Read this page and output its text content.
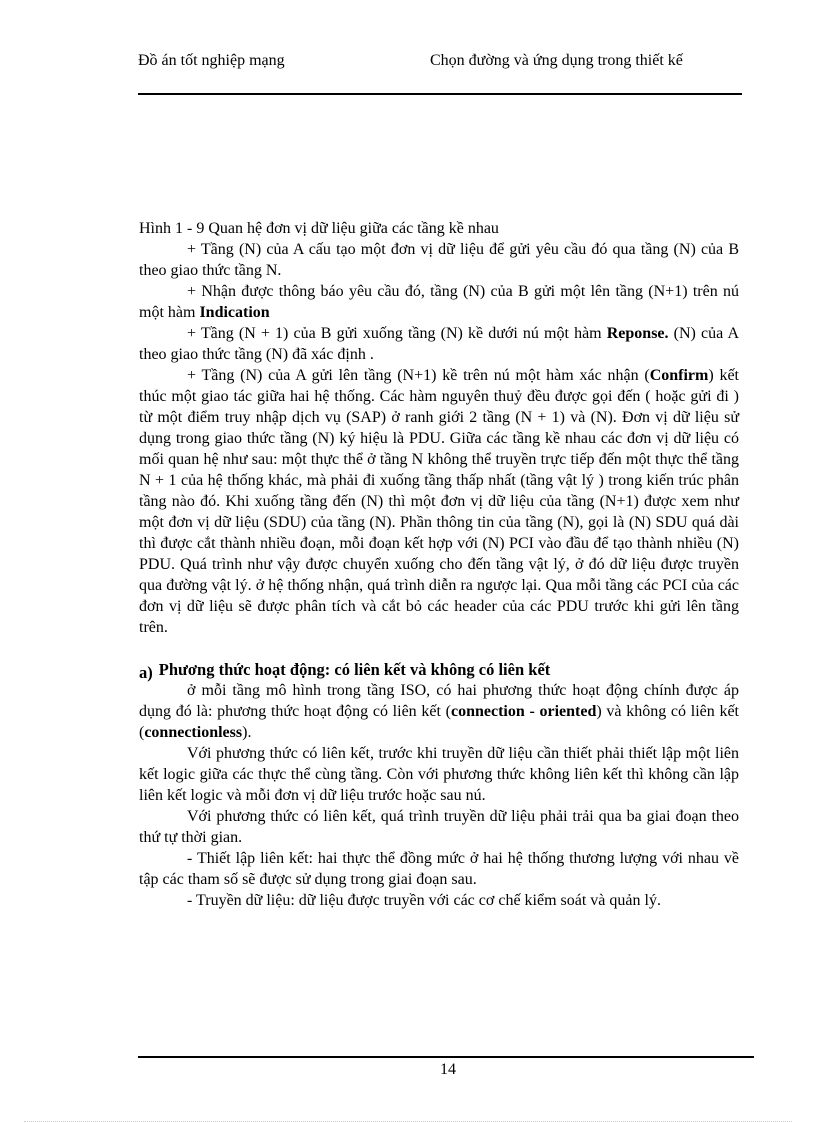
Đồ án tốt nghiệp mạng	Chọn đường và ứng dụng trong thiết kế

Hình 1 - 9 Quan hệ đơn vị dữ liệu giữa các tầng kề nhau

+ Tầng (N) của A cấu tạo một đơn vị dữ liệu để gửi yêu cầu đó qua tầng (N) của B theo giao thức tầng N.

+ Nhận được thông báo yêu cầu đó, tầng (N) của B gửi một lên tầng (N+1) trên nú một hàm Indication

+ Tầng (N + 1) của B gửi xuống tầng (N) kề dưới nú một hàm Reponse. (N) của A theo giao thức tầng (N) đã xác định .

+ Tầng (N) của A gửi lên tầng (N+1) kề trên nú một hàm xác nhận (Confirm) kết thúc một giao tác giữa hai hệ thống. Các hàm nguyên thuỷ đều được gọi đến ( hoặc gửi đi ) từ một điểm truy nhập dịch vụ (SAP) ở ranh giới 2 tầng (N + 1) và (N). Đơn vị dữ liệu sử dụng trong giao thức tầng (N) ký hiệu là PDU. Giữa các tầng kề nhau các đơn vị dữ liệu có mối quan hệ như sau: một thực thể ở tầng N không thể truyền trực tiếp đến một thực thể tầng N + 1 của hệ thống khác, mà phải đi xuống tầng thấp nhất (tầng vật lý ) trong kiến trúc phân tầng nào đó. Khi xuống tầng đến (N) thì một đơn vị dữ liệu của tầng (N+1) được xem như một đơn vị dữ liệu (SDU) của tầng (N). Phần thông tin của tầng (N), gọi là (N) SDU quá dài thì được cắt thành nhiều đoạn, mỗi đoạn kết hợp với (N) PCI vào đầu để tạo thành nhiều (N) PDU. Quá trình như vậy được chuyển xuống cho đến tầng vật lý, ở đó dữ liệu được truyền qua đường vật lý. ở hệ thống nhận, quá trình diễn ra ngược lại. Qua mỗi tầng các PCI của các đơn vị dữ liệu sẽ được phân tích và cắt bỏ các header của các PDU trước khi gửi lên tầng trên.

a) Phương thức hoạt động: có liên kết và không có liên kết

ở mỗi tầng mô hình trong tầng ISO, có hai phương thức hoạt động chính được áp dụng đó là: phương thức hoạt động có liên kết (connection - oriented) và không có liên kết (connectionless).

Với phương thức có liên kết, trước khi truyền dữ liệu cần thiết phải thiết lập một liên kết logic giữa các thực thể cùng tầng. Còn với phương thức không liên kết thì không cần lập liên kết logic và mỗi đơn vị dữ liệu trước hoặc sau nú.

Với phương thức có liên kết, quá trình truyền dữ liệu phải trải qua ba giai đoạn theo thứ tự thời gian.

- Thiết lập liên kết: hai thực thể đồng mức ở hai hệ thống thương lượng với nhau về tập các tham số sẽ được sử dụng trong giai đoạn sau.

- Truyền dữ liệu: dữ liệu được truyền với các cơ chế kiểm soát và quản lý.

14
